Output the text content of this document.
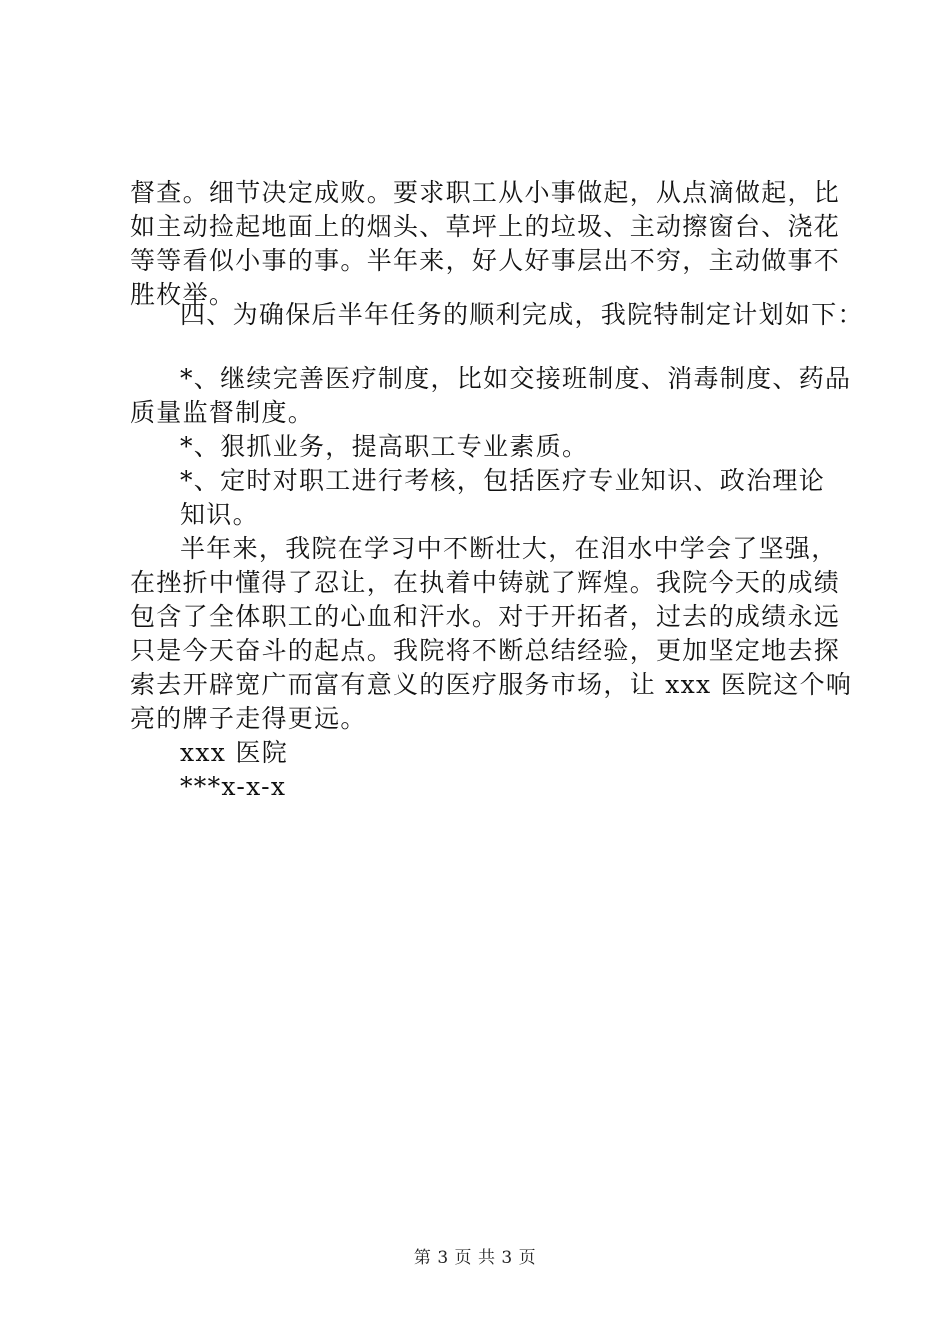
督查。细节决定成败。要求职工从小事做起，从点滴做起，比
如主动捡起地面上的烟头、草坪上的垃圾、主动擦窗台、浇花
等等看似小事的事。半年来，好人好事层出不穷，主动做事不
胜枚举。
四、为确保后半年任务的顺利完成，我院特制定计划如下：
*、继续完善医疗制度，比如交接班制度、消毒制度、药品
质量监督制度。
*、狠抓业务，提高职工专业素质。
*、定时对职工进行考核，包括医疗专业知识、政治理论
知识。
半年来，我院在学习中不断壮大，在泪水中学会了坚强，
在挫折中懂得了忍让，在执着中铸就了辉煌。我院今天的成绩
包含了全体职工的心血和汗水。对于开拓者，过去的成绩永远
只是今天奋斗的起点。我院将不断总结经验，更加坚定地去探
索去开辟宽广而富有意义的医疗服务市场，让 xxx 医院这个响
亮的牌子走得更远。
xxx 医院
***x-x-x
第 3 页 共 3 页
